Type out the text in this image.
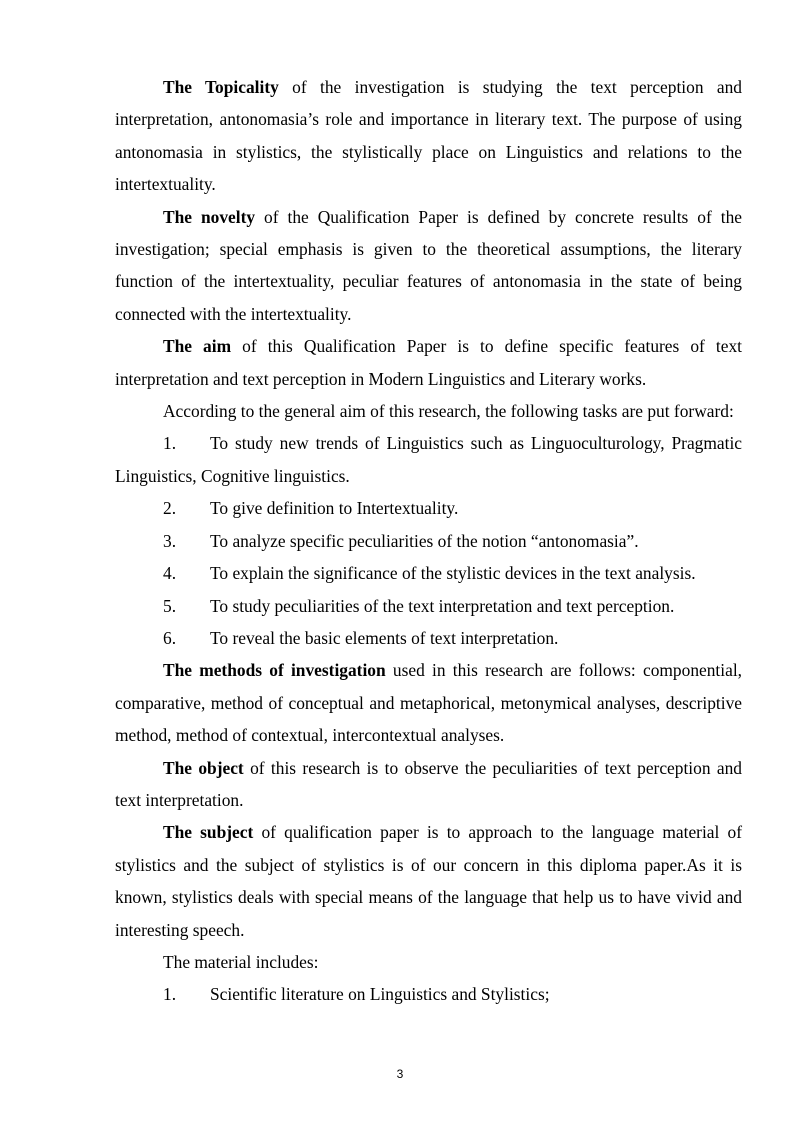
The Topicality of the investigation is studying the text perception and interpretation, antonomasia’s role and importance in literary text. The purpose of using antonomasia in stylistics, the stylistically place on Linguistics and relations to the intertextuality.

The novelty of the Qualification Paper is defined by concrete results of the investigation; special emphasis is given to the theoretical assumptions, the literary function of the intertextuality, peculiar features of antonomasia in the state of being connected with the intertextuality.

The aim of this Qualification Paper is to define specific features of text interpretation and text perception in Modern Linguistics and Literary works.

According to the general aim of this research, the following tasks are put forward:

1. To study new trends of Linguistics such as Linguoculturology, Pragmatic Linguistics, Cognitive linguistics.

2. To give definition to Intertextuality.

3. To analyze specific peculiarities of the notion “antonomasia”.

4. To explain the significance of the stylistic devices in the text analysis.

5. To study peculiarities of the text interpretation and text perception.

6. To reveal the basic elements of text interpretation.

The methods of investigation used in this research are follows: componential, comparative, method of conceptual and metaphorical, metonymical analyses, descriptive method, method of contextual, intercontextual analyses.

The object of this research is to observe the peculiarities of text perception and text interpretation.

The subject of qualification paper is to approach to the language material of stylistics and the subject of stylistics is of our concern in this diploma paper.As it is known, stylistics deals with special means of the language that help us to have vivid and interesting speech.

The material includes:

1. Scientific literature on Linguistics and Stylistics;

3
